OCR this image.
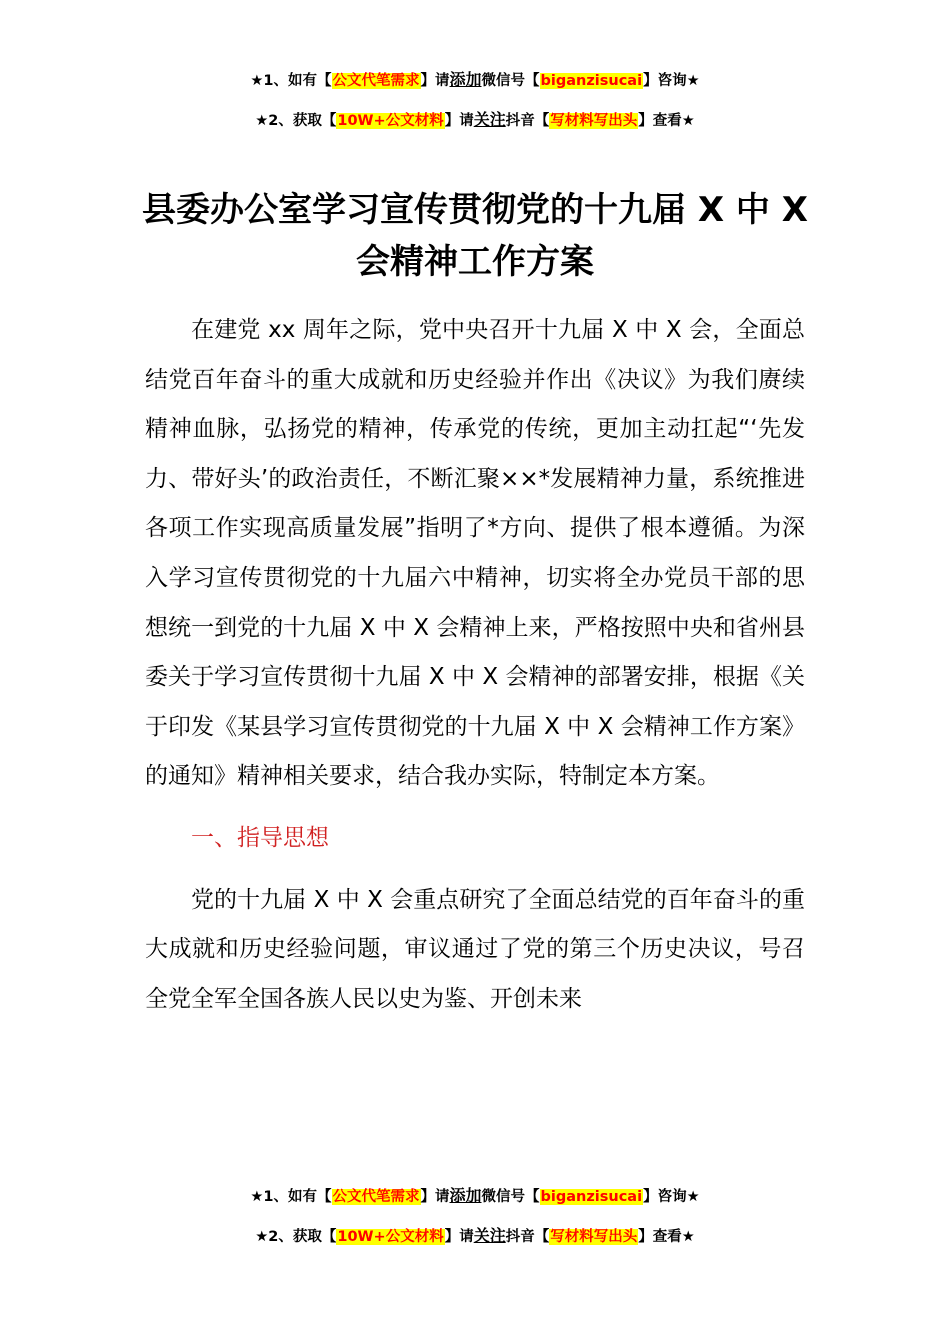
★1、如有【公文代笔需求】请添加微信号【biganzisucai】咨询★
★2、获取【10W+公文材料】请关注抖音【写材料写出头】查看★
县委办公室学习宣传贯彻党的十九届 X 中 X 会精神工作方案

在建党 xx 周年之际，党中央召开十九届 X 中 X 会，全面总结党百年奋斗的重大成就和历史经验并作出《决议》为我们赓续精神血脉，弘扬党的精神，传承党的传统，更加主动扛起“‘先发力、带好头’的政治责任，不断汇聚××*发展精神力量，系统推进各项工作实现高质量发展”指明了*方向、提供了根本遵循。为深入学习宣传贯彻党的十九届六中精神，切实将全办党员干部的思想统一到党的十九届 X 中 X 会精神上来，严格按照中央和省州县委关于学习宣传贯彻十九届 X 中 X 会精神的部署安排，根据《关于印发《某县学习宣传贯彻党的十九届 X 中 X 会精神工作方案》的通知》精神相关要求，结合我办实际，特制定本方案。

一、指导思想

党的十九届 X 中 X 会重点研究了全面总结党的百年奋斗的重大成就和历史经验问题，审议通过了党的第三个历史决议，号召全党全军全国各族人民以史为鉴、开创未来

★1、如有【公文代笔需求】请添加微信号【biganzisucai】咨询★
★2、获取【10W+公文材料】请关注抖音【写材料写出头】查看★
